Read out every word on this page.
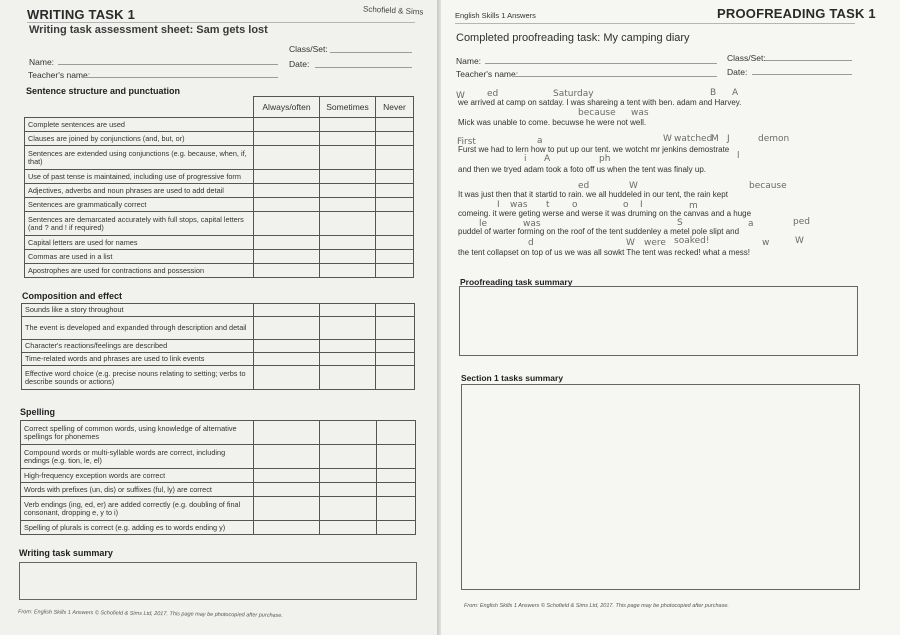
WRITING TASK 1	Schofield & Sims
Writing task assessment sheet: Sam gets lost
Name:
Class/Set:
Teacher's name:
Date:
Sentence structure and punctuation
	Always/often	Sometimes	Never
Complete sentences are used			
Clauses are joined by conjunctions (and, but, or)			
Sentences are extended using conjunctions (e.g. because, when, if, that)			
Use of past tense is maintained, including use of progressive form			
Adjectives, adverbs and noun phrases are used to add detail			
Sentences are grammatically correct			
Sentences are demarcated accurately with full stops, capital letters (and ? and ! if required)			
Capital letters are used for names			
Commas are used in a list			
Apostrophes are used for contractions and possession			
Composition and effect
Sounds like a story throughout			
The event is developed and expanded through description and detail			
Character's reactions/feelings are described			
Time-related words and phrases are used to link events			
Effective word choice (e.g. precise nouns relating to setting; verbs to describe sounds or actions)			
Spelling
Correct spelling of common words, using knowledge of alternative spellings for phonemes			
Compound words or multi-syllable words are correct, including endings (e.g. tion, le, el)			
High-frequency exception words are correct			
Words with prefixes (un, dis) or suffixes (ful, ly) are correct			
Verb endings (ing, ed, er) are added correctly (e.g. doubling of final consonant, dropping e, y to i)			
Spelling of plurals is correct (e.g. adding es to words ending y)			
Writing task summary
From: English Skills 1 Answers © Schofield & Sims Ltd, 2017. This page may be photocopied after purchase.
English Skills 1 Answers	PROOFREADING TASK 1
Completed proofreading task: My camping diary
Name:	Class/Set:
Teacher's name:	Date:
W ed	Saturday	B A
we arrived at camp on satday. I was shareing a tent with ben. adam and Harvey.
because was
Mick was unable to come. becuwse he were not well.
First	a	W watched
M J	demon
Furst we had to lern how to put up our tent. we wotcht mr jenkins demostrate
i A	ph	l
and then we tryed adam took a foto off us when the tent was finaly up.
ed	W	because
It was just then that it startid to rain. we all huddeled in our tent, the rain kept
I was t o	o I	m
comeing. it were geting werse and werse it was druming on the canvas and a huge
le	was	S	a	ped
puddel of warter forming on the roof of the tent suddenley a metel pole slipt and
d	W were soaked!	w	W
the tent collapset on top of us we was all sowkt The tent was recked! what a mess!
Proofreading task summary
Section 1 tasks summary
From: English Skills 1 Answers © Schofield & Sims Ltd, 2017. This page may be photocopied after purchase.
